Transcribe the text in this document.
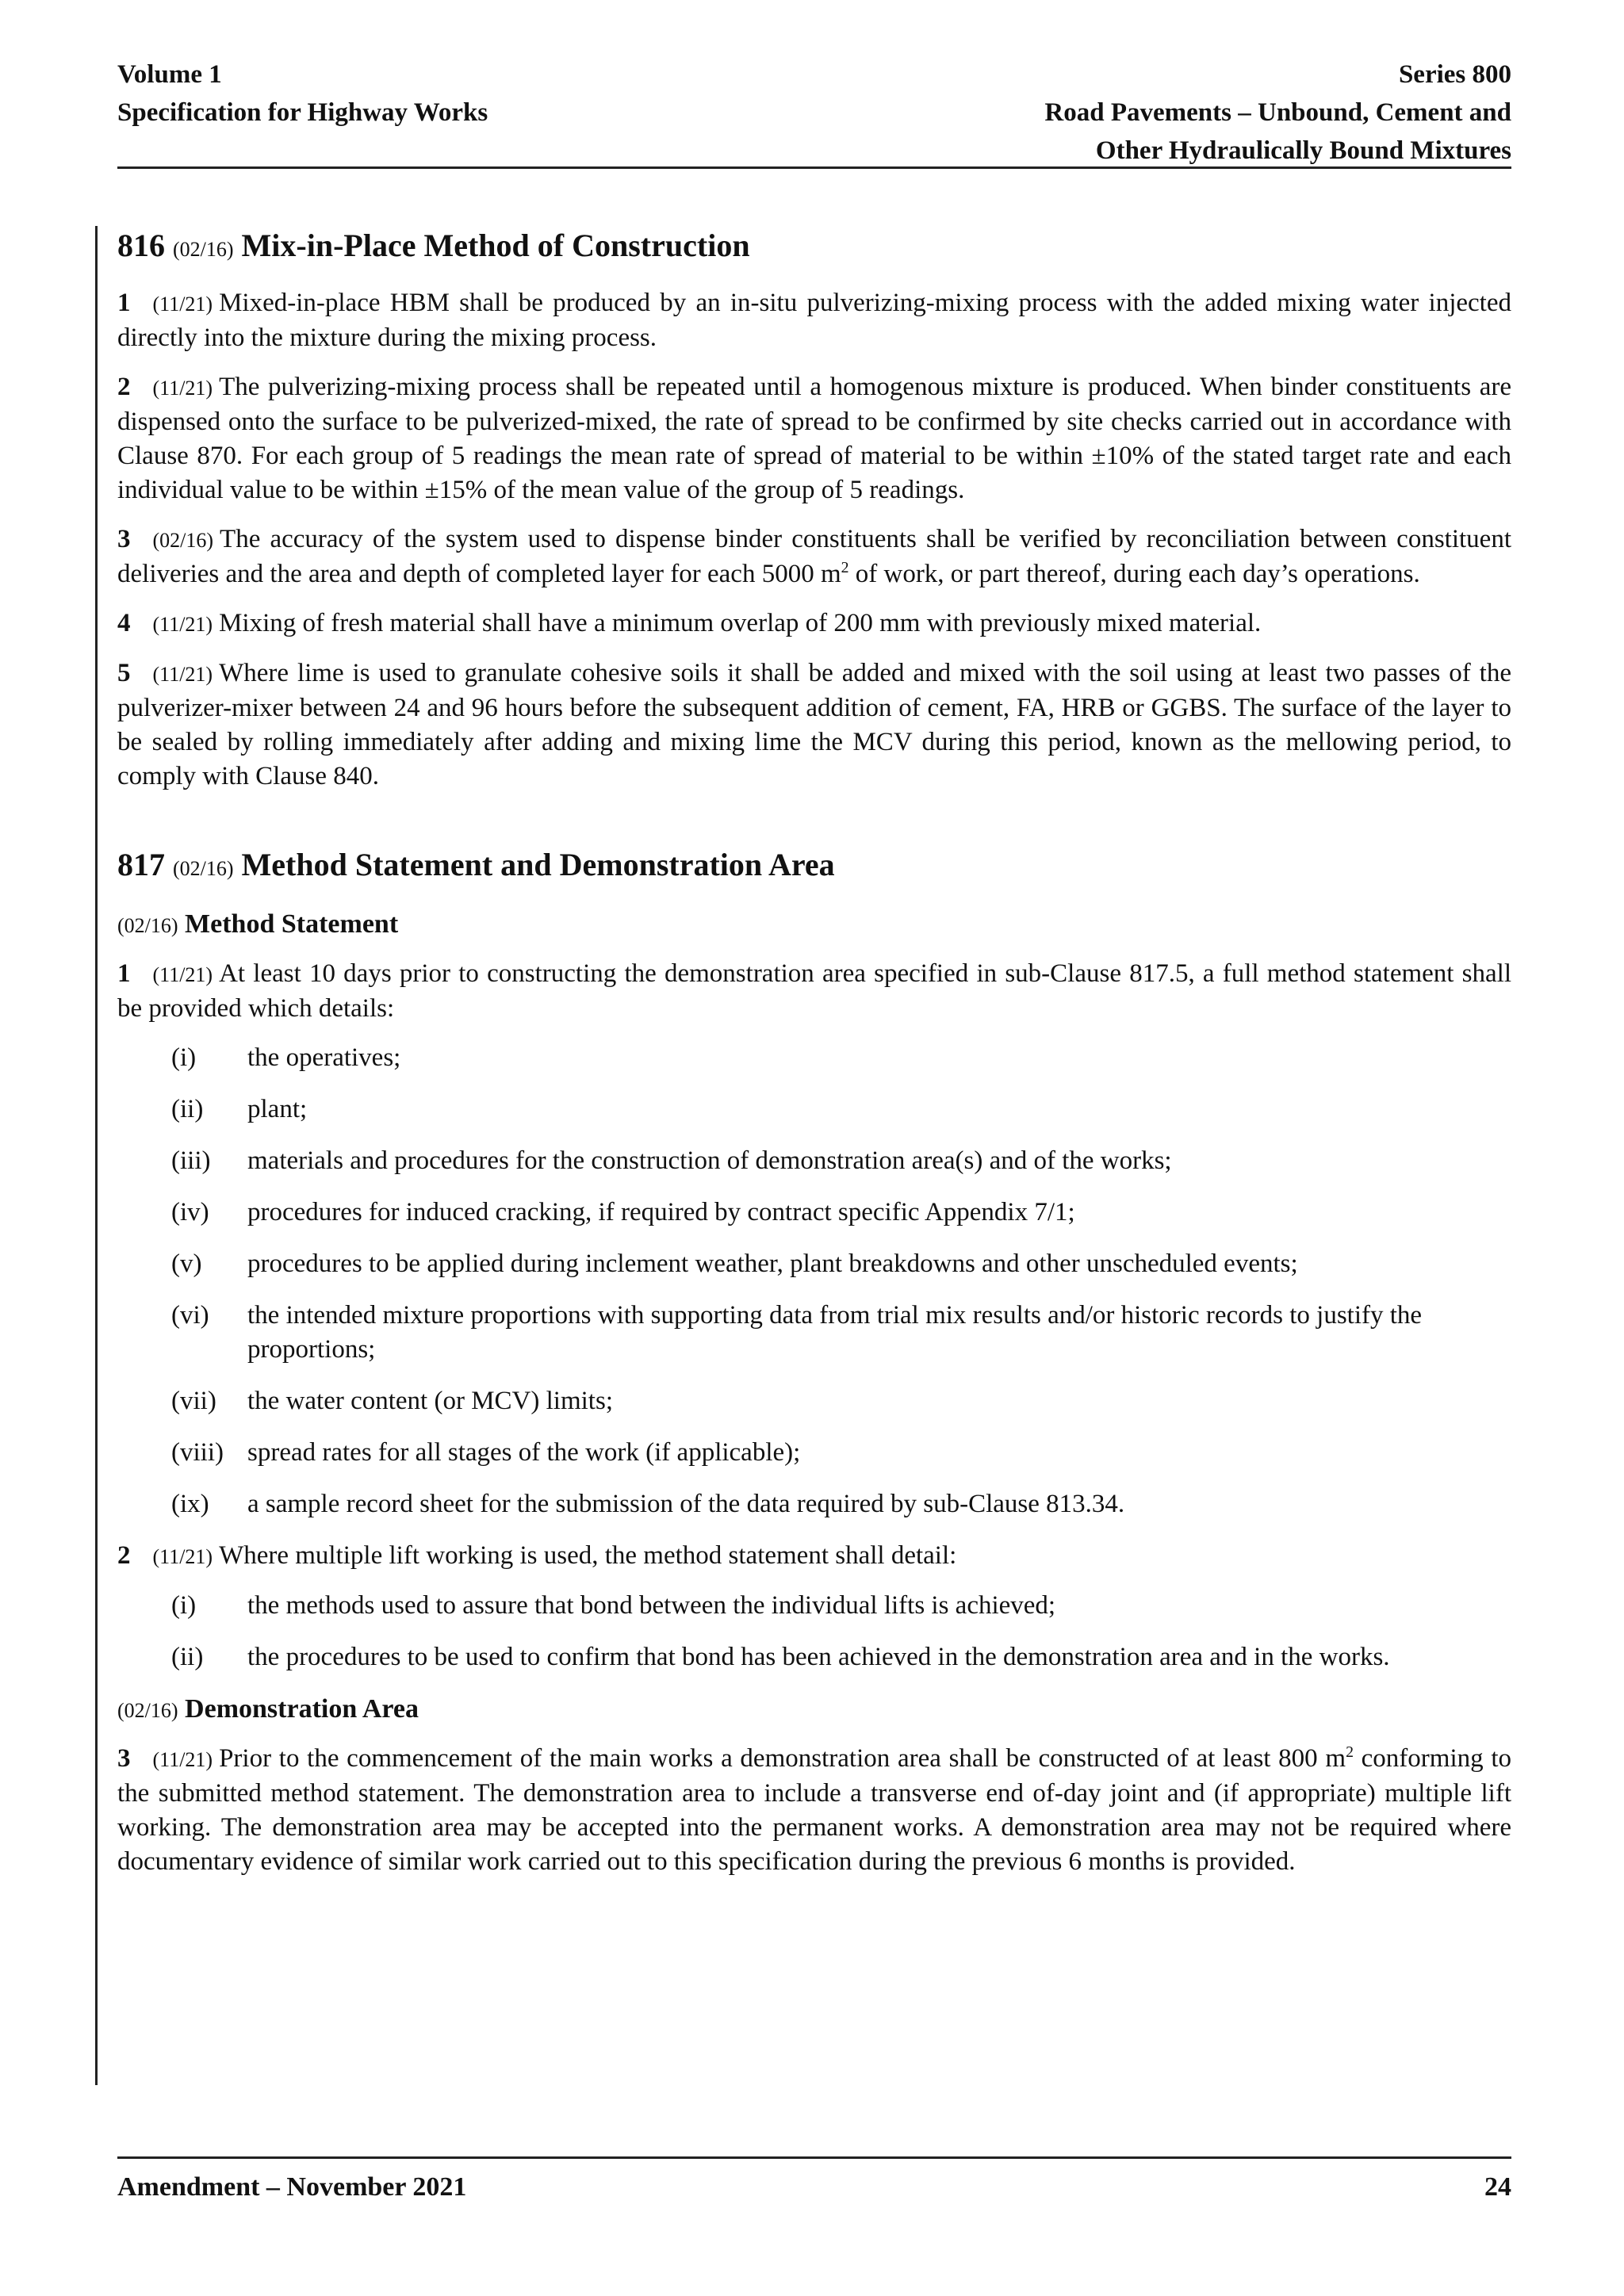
Volume 1
Specification for Highway Works
Series 800
Road Pavements – Unbound, Cement and
Other Hydraulically Bound Mixtures
816 (02/16) Mix-in-Place Method of Construction

1 (11/21) Mixed-in-place HBM shall be produced by an in-situ pulverizing-mixing process with the added mixing water injected directly into the mixture during the mixing process.

2 (11/21) The pulverizing-mixing process shall be repeated until a homogenous mixture is produced. When binder constituents are dispensed onto the surface to be pulverized-mixed, the rate of spread to be confirmed by site checks carried out in accordance with Clause 870. For each group of 5 readings the mean rate of spread of material to be within ±10% of the stated target rate and each individual value to be within ±15% of the mean value of the group of 5 readings.

3 (02/16) The accuracy of the system used to dispense binder constituents shall be verified by reconciliation between constituent deliveries and the area and depth of completed layer for each 5000 $m^2$ of work, or part thereof, during each day’s operations.

4 (11/21) Mixing of fresh material shall have a minimum overlap of 200 mm with previously mixed material.

5 (11/21) Where lime is used to granulate cohesive soils it shall be added and mixed with the soil using at least two passes of the pulverizer-mixer between 24 and 96 hours before the subsequent addition of cement, FA, HRB or GGBS. The surface of the layer to be sealed by rolling immediately after adding and mixing lime the MCV during this period, known as the mellowing period, to comply with Clause 840.

817 (02/16) Method Statement and Demonstration Area
(02/16) Method Statement

1 (11/21) At least 10 days prior to constructing the demonstration area specified in sub-Clause 817.5, a full method statement shall be provided which details:

(i)	the operatives;
(ii)	plant;
(iii)	materials and procedures for the construction of demonstration area(s) and of the works;
(iv)	procedures for induced cracking, if required by contract specific Appendix 7/1;
(v)	procedures to be applied during inclement weather, plant breakdowns and other unscheduled events;
(vi)	the intended mixture proportions with supporting data from trial mix results and/or historic records to justify the proportions;
(vii)	the water content (or MCV) limits;
(viii) spread rates for all stages of the work (if applicable);
(ix)	a sample record sheet for the submission of the data required by sub-Clause 813.34.

2 (11/21) Where multiple lift working is used, the method statement shall detail:

(i)	the methods used to assure that bond between the individual lifts is achieved;
(ii)	the procedures to be used to confirm that bond has been achieved in the demonstration area and in the works.
(02/16) Demonstration Area

3 (11/21) Prior to the commencement of the main works a demonstration area shall be constructed of at least 800 $m^2$ conforming to the submitted method statement. The demonstration area to include a transverse end of-day joint and (if appropriate) multiple lift working. The demonstration area may be accepted into the permanent works. A demonstration area may not be required where documentary evidence of similar work carried out to this specification during the previous 6 months is provided.

Amendment – November 2021	24
